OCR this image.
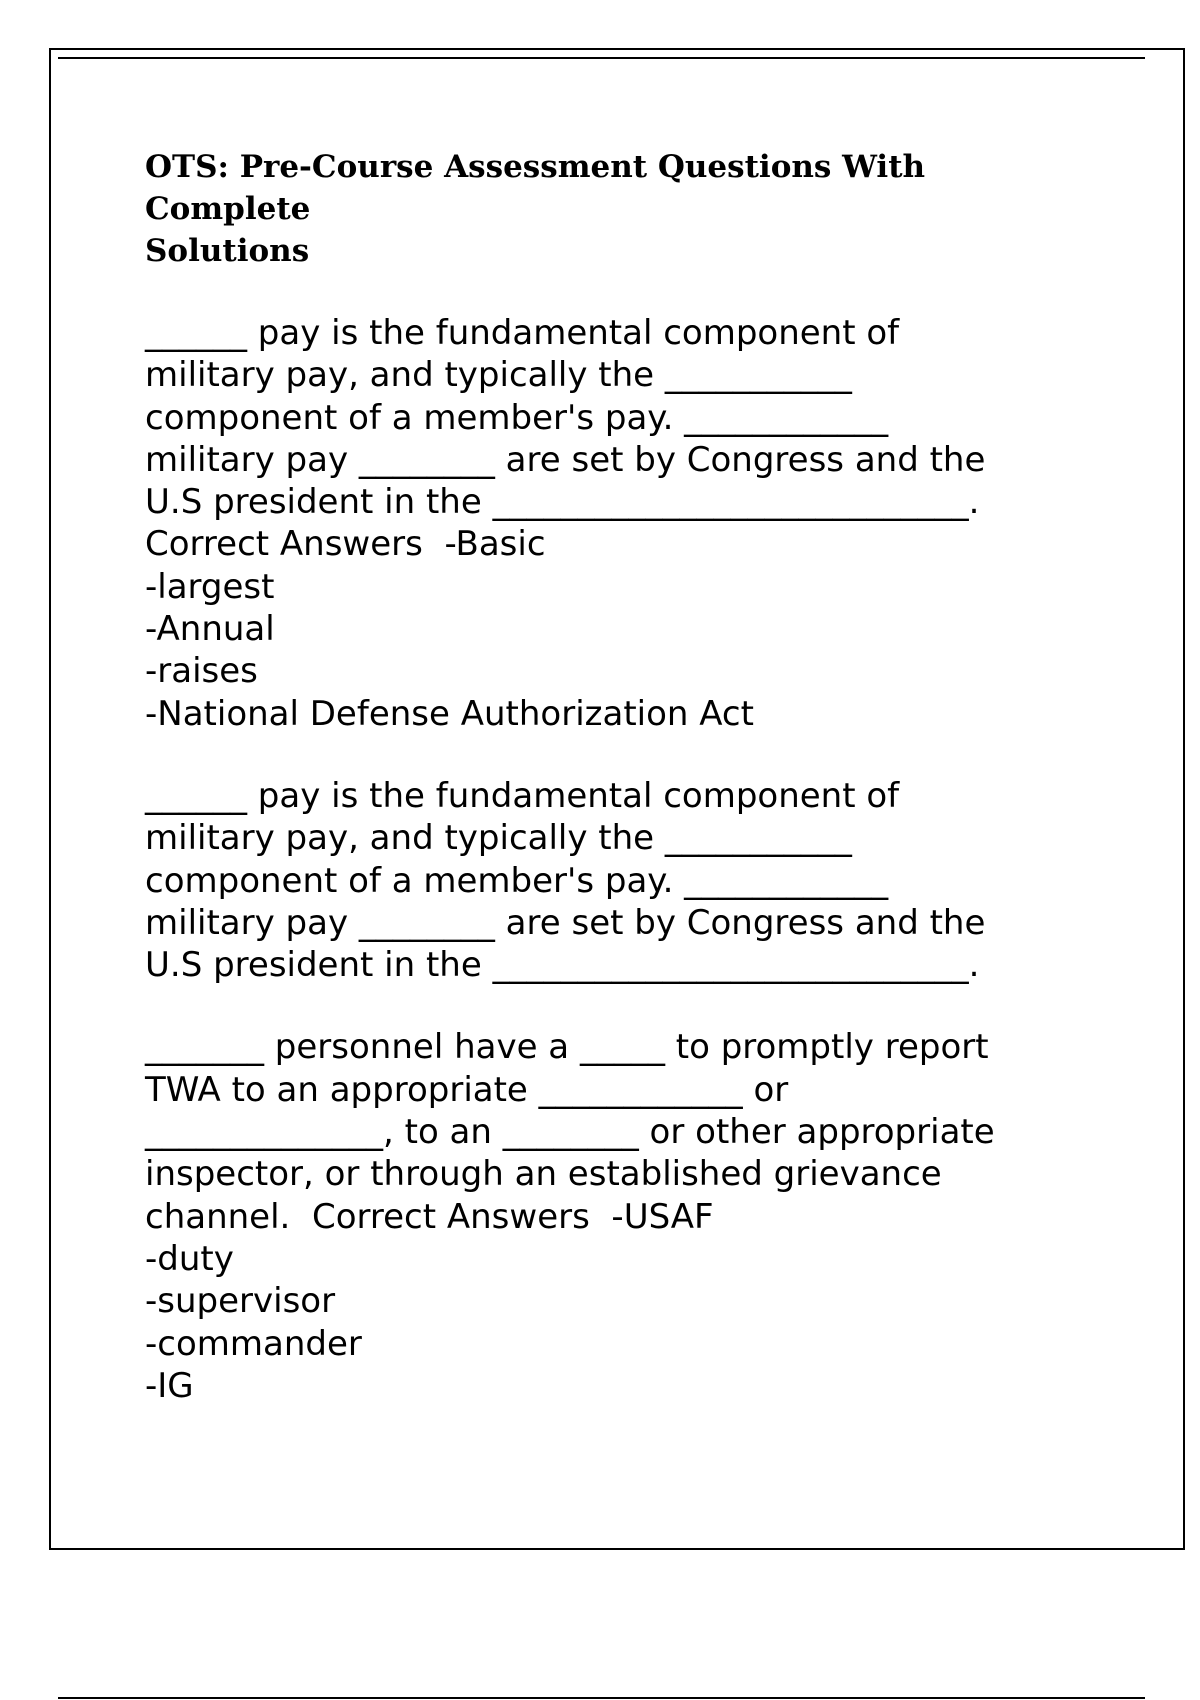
OTS: Pre-Course Assessment Questions With Complete
Solutions

______ pay is the fundamental component of

military pay, and typically the ___________

component of a member's pay. ____________

military pay ________ are set by Congress and the

U.S president in the ____________________________.

Correct Answers  -Basic

-largest

-Annual

-raises

-National Defense Authorization Act

______ pay is the fundamental component of

military pay, and typically the ___________

component of a member's pay. ____________

military pay ________ are set by Congress and the

U.S president in the ____________________________.

_______ personnel have a _____ to promptly report

TWA to an appropriate ____________ or

______________, to an ________ or other appropriate

inspector, or through an established grievance

channel.  Correct Answers  -USAF

-duty

-supervisor

-commander

-IG
